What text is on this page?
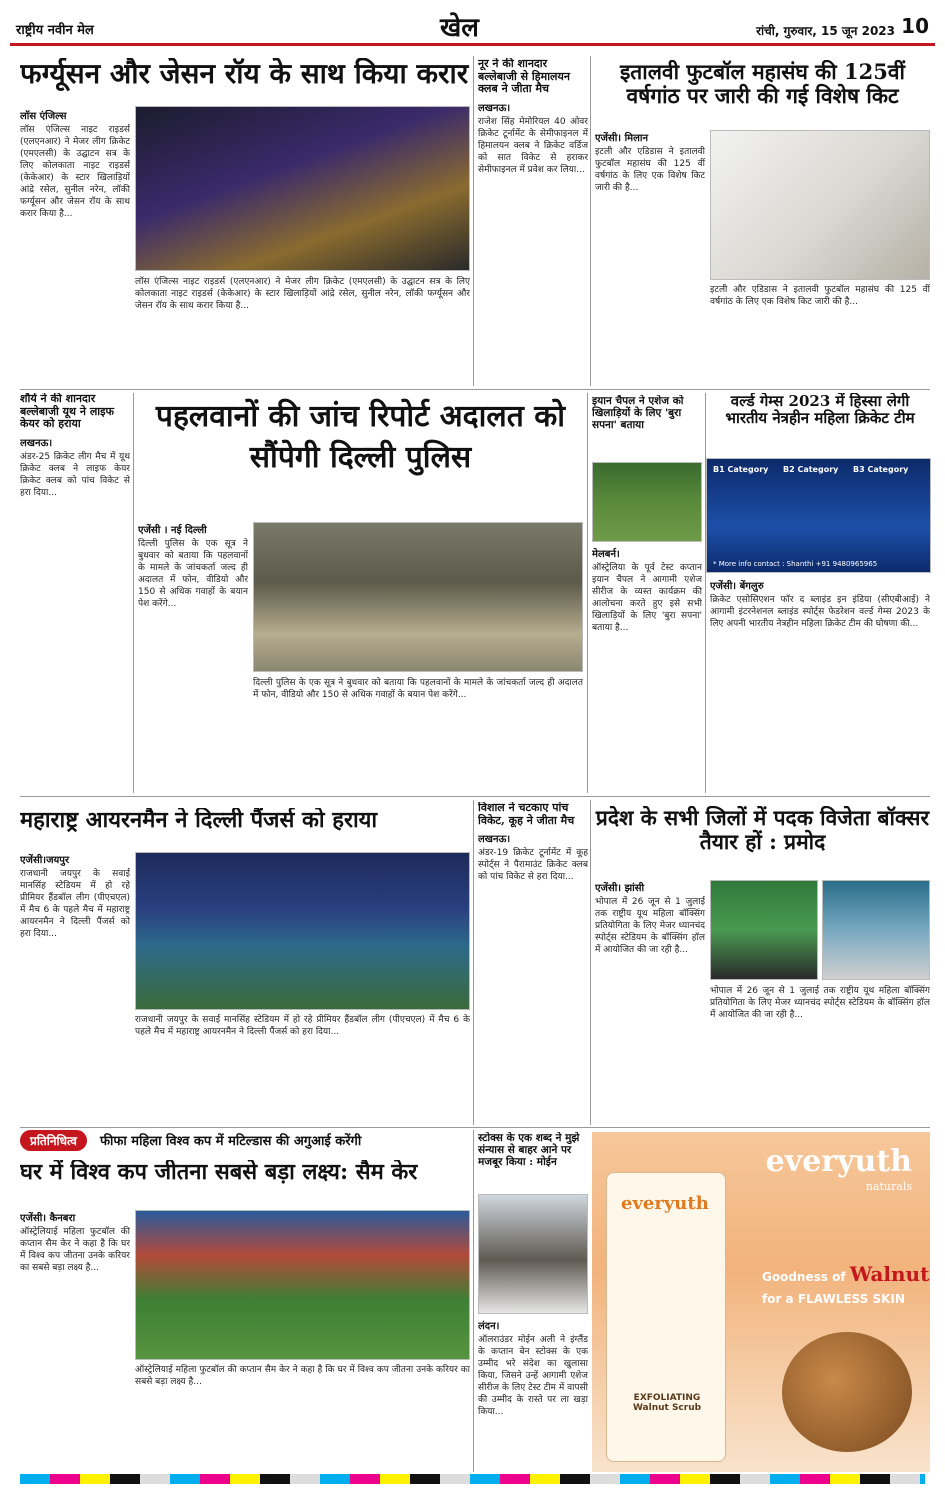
राष्ट्रीय नवीन मेल	खेल	रांची, गुरुवार, 15 जून 2023 10
फर्ग्यूसन और जेसन रॉय के साथ किया करार
लॉस एंजिल्स
लॉस एंजिल्स नाइट राइडर्स (एलएनआर) ने मेजर लीग क्रिकेट (एमएलसी) के उद्घाटन सत्र के लिए कोलकाता नाइट राइडर्स (केकेआर) के स्टार खिलाड़ियों आंद्रे रसेल, सुनील नरेन, लॉकी फर्ग्यूसन और जेसन रॉय के साथ करार किया है...
लॉस एंजिल्स नाइट राइडर्स (एलएनआर) ने मेजर लीग क्रिकेट (एमएलसी) के उद्घाटन सत्र के लिए कोलकाता नाइट राइडर्स (केकेआर) के स्टार खिलाड़ियों आंद्रे रसेल, सुनील नरेन, लॉकी फर्ग्यूसन और जेसन रॉय के साथ करार किया है...
नूर ने की शानदार बल्लेबाजी से हिमालयन क्लब ने जीता मैच
लखनऊ।
राजेश सिंह मेमोरियल 40 ओवर क्रिकेट टूर्नामेंट के सेमीफाइनल में हिमालयन क्लब ने क्रिकेट वर्डिज को सात विकेट से हराकर सेमीफाइनल में प्रवेश कर लिया...
इतालवी फुटबॉल महासंघ की 125वीं वर्षगांठ पर जारी की गई विशेष किट
एजेंसी। मिलान
इटली और एडिडास ने इतालवी फुटबॉल महासंघ की 125 वीं वर्षगांठ के लिए एक विशेष किट जारी की है...
इटली और एडिडास ने इतालवी फुटबॉल महासंघ की 125 वीं वर्षगांठ के लिए एक विशेष किट जारी की है...
शौर्य ने की शानदार बल्लेबाजी यूथ ने लाइफ केयर को हराया
लखनऊ।
अंडर-25 क्रिकेट लीग मैच में यूथ क्रिकेट क्लब ने लाइफ केयर क्रिकेट क्लब को पांच विकेट से हरा दिया...
पहलवानों की जांच रिपोर्ट अदालत को सौंपेगी दिल्ली पुलिस
एजेंसी । नई दिल्ली
दिल्ली पुलिस के एक सूत्र ने बुधवार को बताया कि पहलवानों के मामले के जांचकर्ता जल्द ही अदालत में फोन, वीडियो और 150 से अधिक गवाहों के बयान पेश करेंगे...
दिल्ली पुलिस के एक सूत्र ने बुधवार को बताया कि पहलवानों के मामले के जांचकर्ता जल्द ही अदालत में फोन, वीडियो और 150 से अधिक गवाहों के बयान पेश करेंगे...
इयान चैपल ने एशेज को खिलाड़ियों के लिए 'बुरा सपना' बताया
मेलबर्न।
ऑस्ट्रेलिया के पूर्व टेस्ट कप्तान इयान चैपल ने आगामी एशेज सीरीज के व्यस्त कार्यक्रम की आलोचना करते हुए इसे सभी खिलाड़ियों के लिए 'बुरा सपना' बताया है...
वर्ल्ड गेम्स 2023 में हिस्सा लेगी भारतीय नेत्रहीन महिला क्रिकेट टीम
B1 Category B2 Category B3 Category
* More info contact : Shanthi +91 9480965965
एजेंसी। बेंगलुरु
क्रिकेट एसोसिएशन फॉर द ब्लाइंड इन इंडिया (सीएबीआई) ने आगामी इंटरनेशनल ब्लाइंड स्पोर्ट्स फेडरेशन वर्ल्ड गेम्स 2023 के लिए अपनी भारतीय नेत्रहीन महिला क्रिकेट टीम की घोषणा की...
महाराष्ट्र आयरनमैन ने दिल्ली पैंजर्स को हराया
एजेंसी।जयपुर
राजधानी जयपुर के सवाई मानसिंह स्टेडियम में हो रहे प्रीमियर हैंडबॉल लीग (पीएचएल) में मैच 6 के पहले मैच में महाराष्ट्र आयरनमैन ने दिल्ली पैंजर्स को हरा दिया...
राजधानी जयपुर के सवाई मानसिंह स्टेडियम में हो रहे प्रीमियर हैंडबॉल लीग (पीएचएल) में मैच 6 के पहले मैच में महाराष्ट्र आयरनमैन ने दिल्ली पैंजर्स को हरा दिया...
विशाल ने चटकाए पांच विकेट, कूह ने जीता मैच
लखनऊ।
अंडर-19 क्रिकेट टूर्नामेंट में कूह स्पोर्ट्स ने पैरामाउंट क्रिकेट क्लब को पांच विकेट से हरा दिया...
प्रदेश के सभी जिलों में पदक विजेता बॉक्सर तैयार हों : प्रमोद
एजेंसी। झांसी
भोपाल में 26 जून से 1 जुलाई तक राष्ट्रीय यूथ महिला बॉक्सिंग प्रतियोगिता के लिए मेजर ध्यानचंद स्पोर्ट्स स्टेडियम के बॉक्सिंग हॉल में आयोजित की जा रही है...
भोपाल में 26 जून से 1 जुलाई तक राष्ट्रीय यूथ महिला बॉक्सिंग प्रतियोगिता के लिए मेजर ध्यानचंद स्पोर्ट्स स्टेडियम के बॉक्सिंग हॉल में आयोजित की जा रही है...
प्रतिनिधित्व फीफा महिला विश्व कप में मटिल्डास की अगुआई करेंगी
घर में विश्व कप जीतना सबसे बड़ा लक्ष्य: सैम केर
एजेंसी। कैनबरा
ऑस्ट्रेलियाई महिला फुटबॉल की कप्तान सैम केर ने कहा है कि घर में विश्व कप जीतना उनके करियर का सबसे बड़ा लक्ष्य है...
ऑस्ट्रेलियाई महिला फुटबॉल की कप्तान सैम केर ने कहा है कि घर में विश्व कप जीतना उनके करियर का सबसे बड़ा लक्ष्य है...
स्टोक्स के एक शब्द ने मुझे संन्यास से बाहर आने पर मजबूर किया : मोईन
लंदन।
ऑलराउंडर मोईन अली ने इंग्लैंड के कप्तान बेन स्टोक्स के एक उम्मीद भरे संदेश का खुलासा किया, जिसने उन्हें आगामी एशेज सीरीज के लिए टेस्ट टीम में वापसी की उम्मीद के रास्ते पर ला खड़ा किया...
everyuth
naturals
everyuth
EXFOLIATING Walnut Scrub
Goodness of Walnut
for a FLAWLESS SKIN
